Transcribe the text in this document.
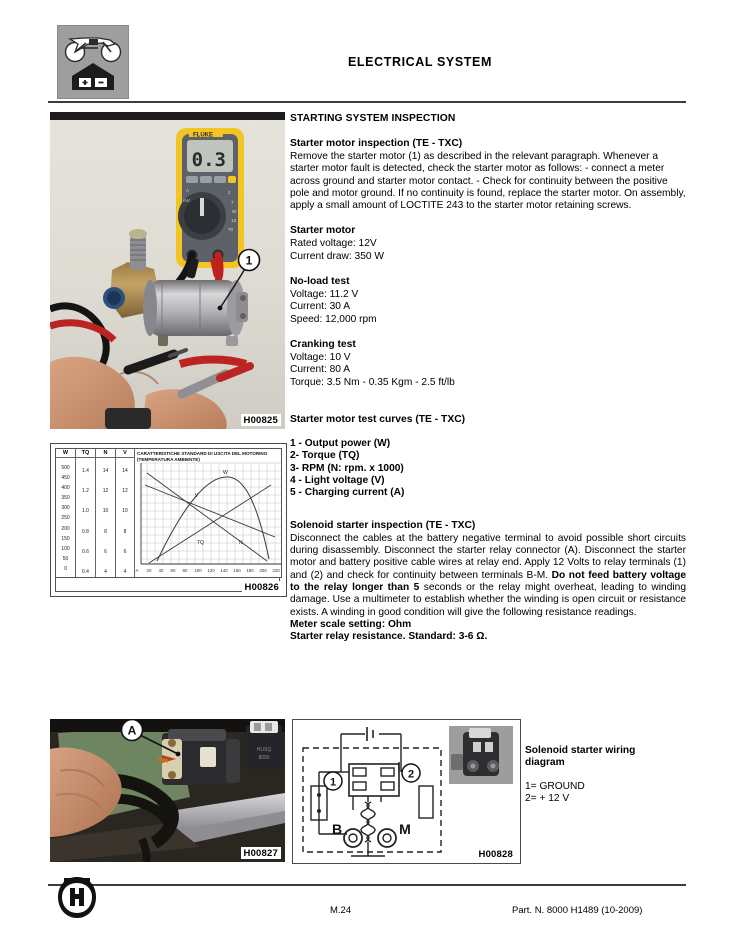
ELECTRICAL SYSTEM
0.3
FLUKE
2
7
W
13
70
A
mV
1
H00825
W
500
450
400
350
300
250
200
150
100
50
0
TQ
1.4
1.2
1.0
0.8
0.6
0.4
N
14
12
10
8
6
4
V
14
12
10
8
6
4
CARATTERISTICHE STANDARD DI USCITA DEL MOTORINO (TEMPERATURA AMBIENTE)
W
N
V
TQ
A 20 40 60 80 100 120 140 160 180 200 220
H00826
STARTING SYSTEM INSPECTION
Starter motor inspection (TE - TXC)
Remove the starter motor (1) as described in the relevant paragraph. Whenever a starter motor fault is detected, check the starter motor as follows: - connect a meter across ground and starter motor contact. - Check for continuity between the positive pole and motor ground. If no continuity is found, replace the starter motor. On assembly, apply a small amount of LOCTITE 243 to the starter motor retaining screws.
Starter motor
Rated voltage: 12V
Current draw: 350 W
No-load test
Voltage: 11.2 V
Current: 30 A
Speed: 12,000 rpm
Cranking test
Voltage: 10 V
Current: 80 A
Torque: 3.5 Nm - 0.35 Kgm - 2.5 ft/lb
Starter motor test curves (TE - TXC)
1 - Output power (W)
2- Torque (TQ)
3- RPM (N: rpm. x 1000)
4 - Light voltage (V)
5 - Charging current (A)
Solenoid starter inspection (TE - TXC)
Disconnect the cables at the battery negative terminal to avoid possible short circuits during disassembly. Disconnect the starter relay connector (A). Disconnect the starter motor and battery positive cable wires at relay end. Apply 12 Volts to relay terminals (1) and (2) and check for continuity between terminals B-M. Do not feed battery voltage to the relay longer than 5 seconds or the relay might overheat, leading to winding damage. Use a multimeter to establish whether the winding is open circuit or resistance exists. A winding in good condition will give the following resistance readings.
Meter scale setting: Ohm
Starter relay resistance. Standard: 3-6 Ω.
HUSQ
8000
A
H00827
B	M
1
2
H00828
Solenoid starter wiring
diagram
1= GROUND
2= + 12 V
M.24	Part. N. 8000 H1489 (10-2009)
